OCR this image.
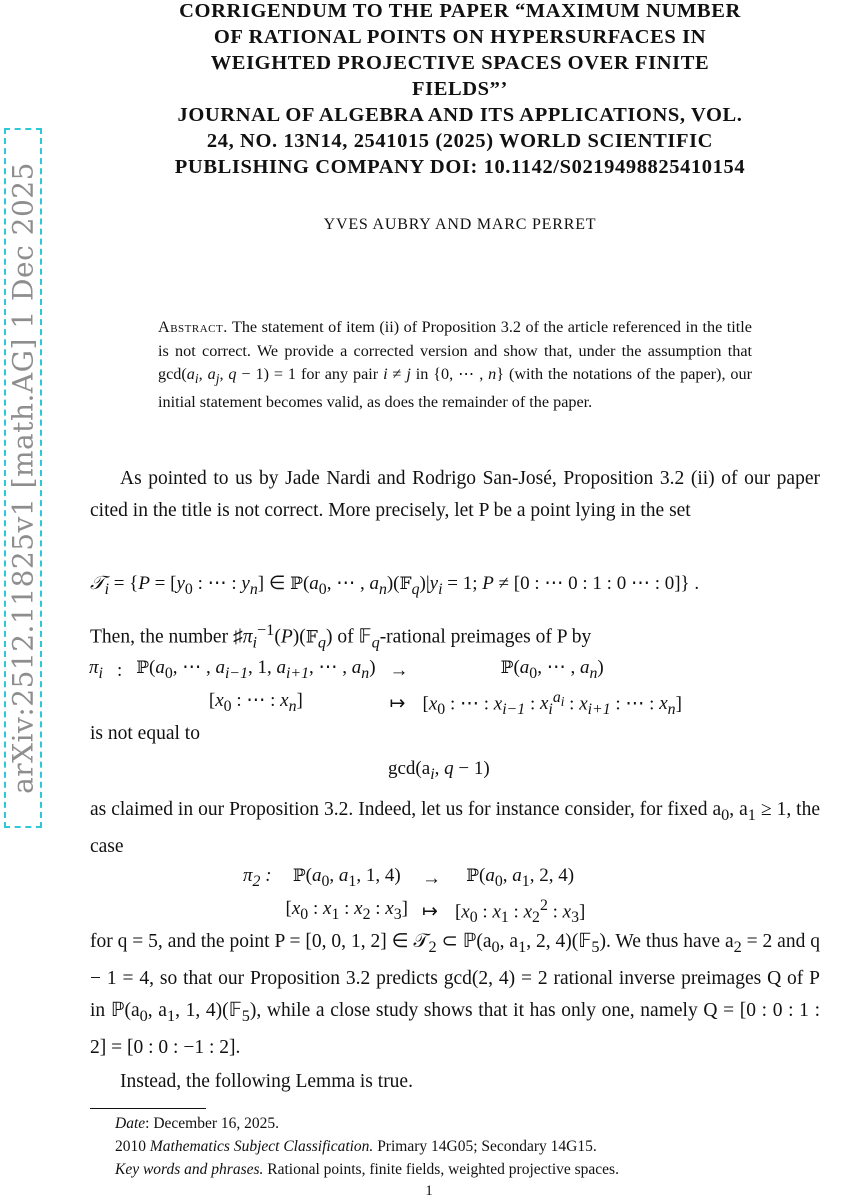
arXiv:2512.11825v1 [math.AG] 1 Dec 2025
CORRIGENDUM TO THE PAPER “MAXIMUM NUMBER
OF RATIONAL POINTS ON HYPERSURFACES IN
WEIGHTED PROJECTIVE SPACES OVER FINITE
FIELDS”’
JOURNAL OF ALGEBRA AND ITS APPLICATIONS, VOL.
24, NO. 13N14, 2541015 (2025) WORLD SCIENTIFIC
PUBLISHING COMPANY DOI: 10.1142/S0219498825410154
YVES AUBRY AND MARC PERRET
Abstract. The statement of item (ii) of Proposition 3.2 of the article referenced in the title is not correct. We provide a corrected version and show that, under the assumption that $\gcd(a_i$, $a_j$, q − 1) = 1 for any pair i ≠ j in {0, ⋯ , n} (with the notations of the paper), our initial statement becomes valid, as does the remainder of the paper.
As pointed to us by Jade Nardi and Rodrigo San-José, Proposition 3.2 (ii) of our paper cited in the title is not correct. More precisely, let P be a point lying in the set
𝒯$_i$ = {$P = [y_0$ : ⋯ : $y_n$] ∈ $ℙ(a_0$, ⋯ , $a_n)(𝔽_q)|y_i = 1$; P ≠ [0 : ⋯ 0 : 1 : 0 ⋯ : 0]} .
Then, the number $♯\pi_i^{-1}(P)(𝔽_q)$ of 𝔽$_q$-rational preimages of P by
$\pi_i$	:	$ℙ(a_0$, ⋯ , $a_{i-1}$, 1, $a_{i+1}$, ⋯ , $a_n$)	→	$ℙ(a_0$, ⋯ , $a_n$)
		[$x_0$ : ⋯ : $x_n$]	↦	[$x_0$ : ⋯ : $x_{i-1}$ : $x_i^{a_i}$ : $x_{i+1}$ : ⋯ : $x_n$]
is not equal to
$\gcd(a_i$, q − 1)
as claimed in our Proposition 3.2. Indeed, let us for instance consider, for fixed $a_0$, $a_1 \ge 1$, the case
$\pi_2$ :	$ℙ(a_0$, $a_1$, 1, 4)	→	$ℙ(a_0$, $a_1$, 2, 4)
	[$x_0$ : $x_1$ : $x_2$ : $x_3$]	↦	[$x_0$ : $x_1$ : $x_2^2$ : $x_3$]
for q = 5, and the point P = [0, 0, 1, 2] ∈ 𝒯$_2$ ⊂ $ℙ(a_0$, $a_1$, 2, 4)(𝔽$_5$). We thus have $a_2 = 2$ and q − 1 = 4, so that our Proposition 3.2 predicts gcd(2, 4) = 2 rational inverse preimages Q of P in $ℙ(a_0$, $a_1$, 1, 4)(𝔽$_5$), while a close study shows that it has only one, namely Q = [0 : 0 : 1 : 2] = [0 : 0 : −1 : 2].
Instead, the following Lemma is true.
Date: December 16, 2025.
2010 Mathematics Subject Classification. Primary 14G05; Secondary 14G15.
Key words and phrases. Rational points, finite fields, weighted projective spaces.
1
